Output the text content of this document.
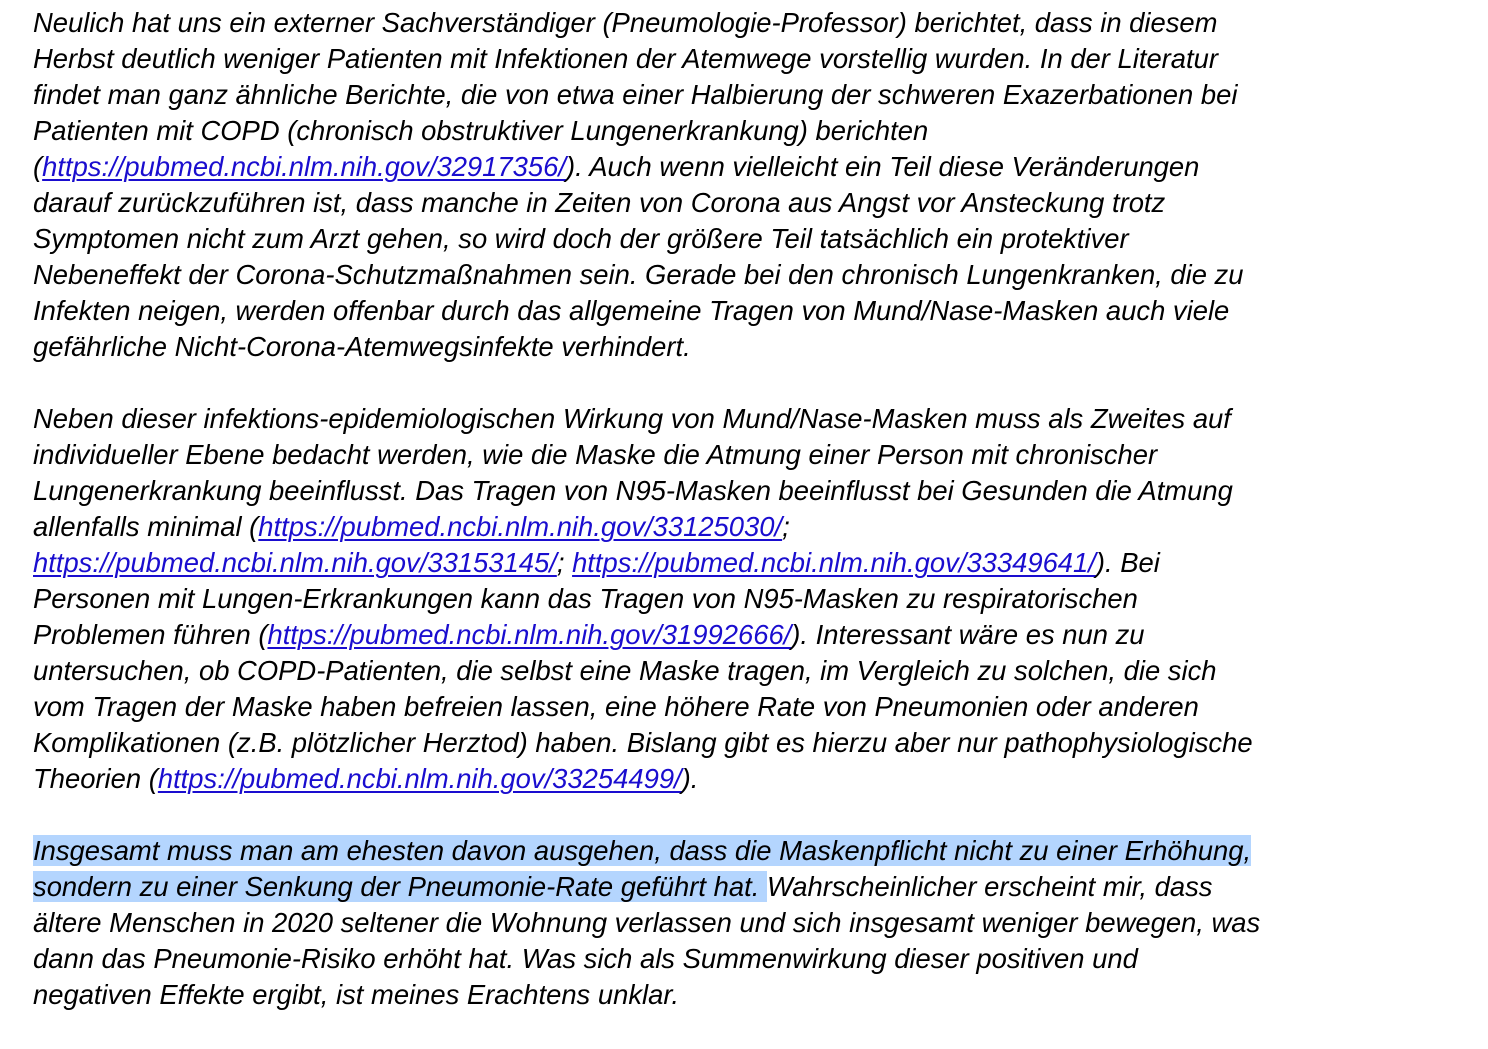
Neulich hat uns ein externer Sachverständiger (Pneumologie-Professor) berichtet, dass in diesem
Herbst deutlich weniger Patienten mit Infektionen der Atemwege vorstellig wurden. In der Literatur
findet man ganz ähnliche Berichte, die von etwa einer Halbierung der schweren Exazerbationen bei
Patienten mit COPD (chronisch obstruktiver Lungenerkrankung) berichten
(https://pubmed.ncbi.nlm.nih.gov/32917356/). Auch wenn vielleicht ein Teil diese Veränderungen
darauf zurückzuführen ist, dass manche in Zeiten von Corona aus Angst vor Ansteckung trotz
Symptomen nicht zum Arzt gehen, so wird doch der größere Teil tatsächlich ein protektiver
Nebeneffekt der Corona-Schutzmaßnahmen sein. Gerade bei den chronisch Lungenkranken, die zu
Infekten neigen, werden offenbar durch das allgemeine Tragen von Mund/Nase-Masken auch viele
gefährliche Nicht-Corona-Atemwegsinfekte verhindert.

Neben dieser infektions-epidemiologischen Wirkung von Mund/Nase-Masken muss als Zweites auf
individueller Ebene bedacht werden, wie die Maske die Atmung einer Person mit chronischer
Lungenerkrankung beeinflusst. Das Tragen von N95-Masken beeinflusst bei Gesunden die Atmung
allenfalls minimal (https://pubmed.ncbi.nlm.nih.gov/33125030/;
https://pubmed.ncbi.nlm.nih.gov/33153145/; https://pubmed.ncbi.nlm.nih.gov/33349641/). Bei
Personen mit Lungen-Erkrankungen kann das Tragen von N95-Masken zu respiratorischen
Problemen führen (https://pubmed.ncbi.nlm.nih.gov/31992666/). Interessant wäre es nun zu
untersuchen, ob COPD-Patienten, die selbst eine Maske tragen, im Vergleich zu solchen, die sich
vom Tragen der Maske haben befreien lassen, eine höhere Rate von Pneumonien oder anderen
Komplikationen (z.B. plötzlicher Herztod) haben. Bislang gibt es hierzu aber nur pathophysiologische
Theorien (https://pubmed.ncbi.nlm.nih.gov/33254499/).

Insgesamt muss man am ehesten davon ausgehen, dass die Maskenpflicht nicht zu einer Erhöhung,
sondern zu einer Senkung der Pneumonie-Rate geführt hat. Wahrscheinlicher erscheint mir, dass
ältere Menschen in 2020 seltener die Wohnung verlassen und sich insgesamt weniger bewegen, was
dann das Pneumonie-Risiko erhöht hat. Was sich als Summenwirkung dieser positiven und
negativen Effekte ergibt, ist meines Erachtens unklar.
